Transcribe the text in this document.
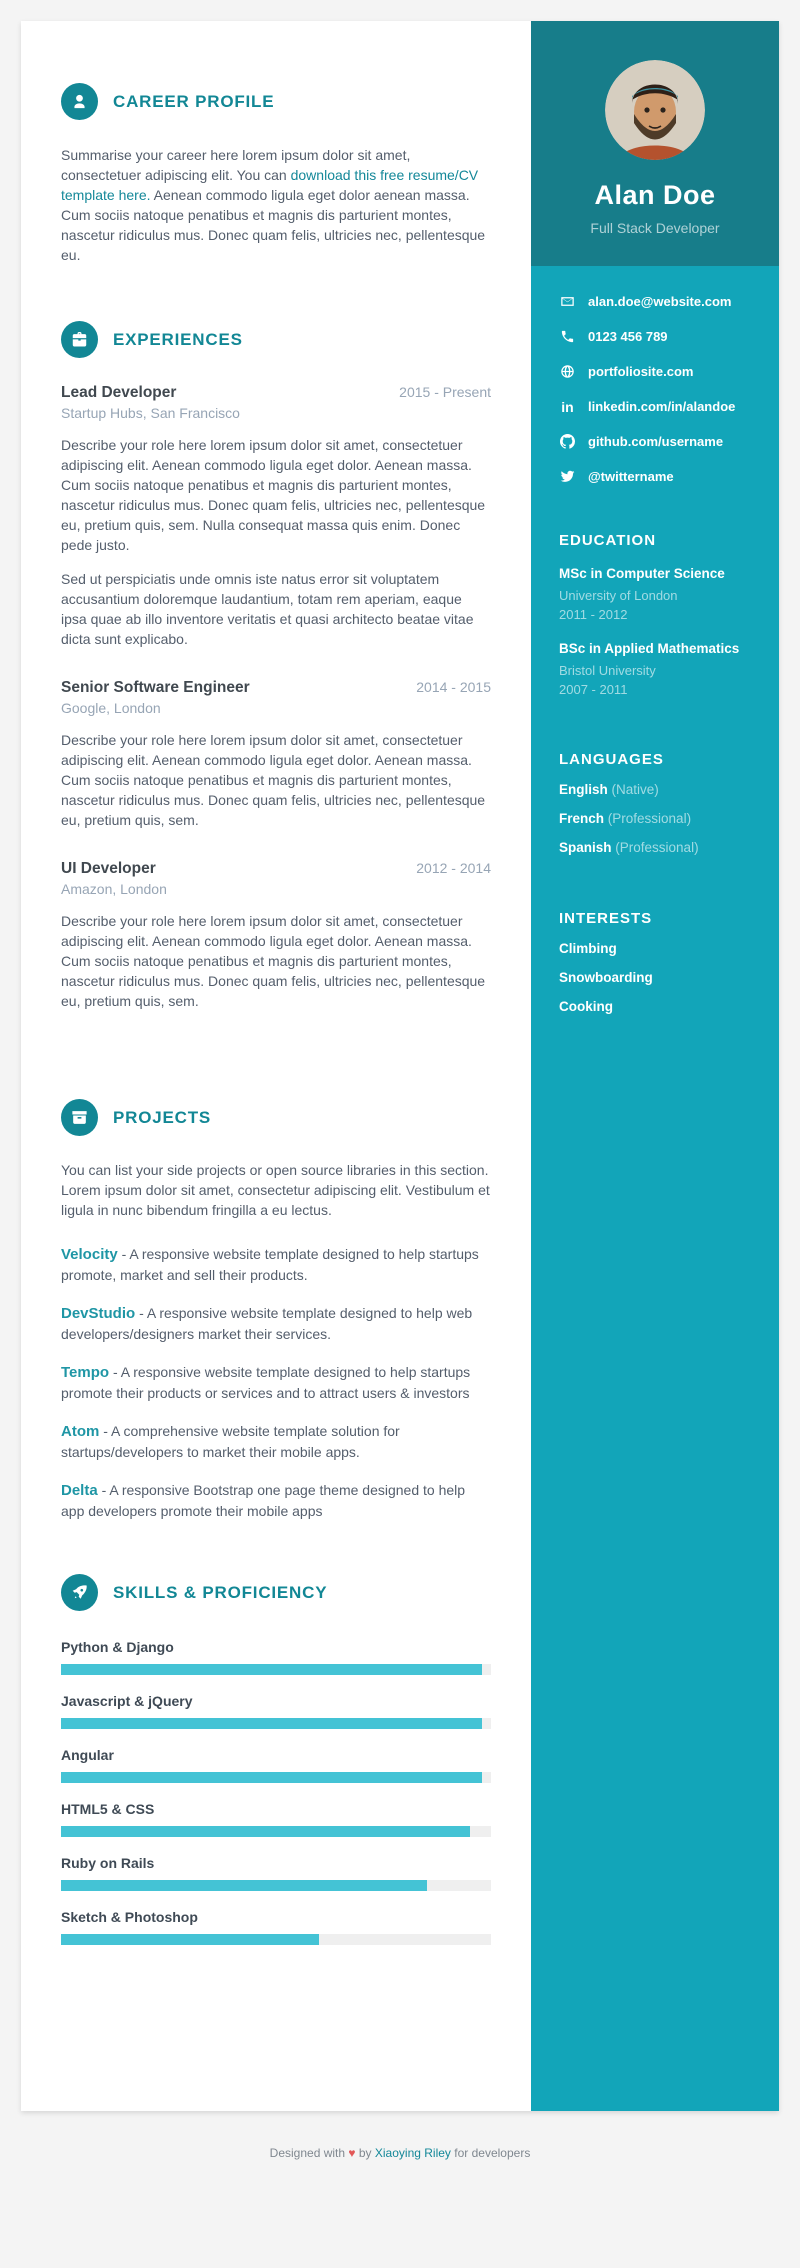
CAREER PROFILE

Summarise your career here lorem ipsum dolor sit amet, consectetuer adipiscing elit. You can download this free resume/CV template here. Aenean commodo ligula eget dolor aenean massa. Cum sociis natoque penatibus et magnis dis parturient montes, nascetur ridiculus mus. Donec quam felis, ultricies nec, pellentesque eu.

EXPERIENCES
Lead Developer	2015 - Present
Startup Hubs, San Francisco

Describe your role here lorem ipsum dolor sit amet, consectetuer adipiscing elit. Aenean commodo ligula eget dolor. Aenean massa. Cum sociis natoque penatibus et magnis dis parturient montes, nascetur ridiculus mus. Donec quam felis, ultricies nec, pellentesque eu, pretium quis, sem. Nulla consequat massa quis enim. Donec pede justo.

Sed ut perspiciatis unde omnis iste natus error sit voluptatem accusantium doloremque laudantium, totam rem aperiam, eaque ipsa quae ab illo inventore veritatis et quasi architecto beatae vitae dicta sunt explicabo.

Senior Software Engineer	2014 - 2015
Google, London

Describe your role here lorem ipsum dolor sit amet, consectetuer adipiscing elit. Aenean commodo ligula eget dolor. Aenean massa. Cum sociis natoque penatibus et magnis dis parturient montes, nascetur ridiculus mus. Donec quam felis, ultricies nec, pellentesque eu, pretium quis, sem.

UI Developer	2012 - 2014
Amazon, London

Describe your role here lorem ipsum dolor sit amet, consectetuer adipiscing elit. Aenean commodo ligula eget dolor. Aenean massa. Cum sociis natoque penatibus et magnis dis parturient montes, nascetur ridiculus mus. Donec quam felis, ultricies nec, pellentesque eu, pretium quis, sem.

PROJECTS

You can list your side projects or open source libraries in this section. Lorem ipsum dolor sit amet, consectetur adipiscing elit. Vestibulum et ligula in nunc bibendum fringilla a eu lectus.

Velocity - A responsive website template designed to help startups promote, market and sell their products.

DevStudio - A responsive website template designed to help web developers/designers market their services.

Tempo - A responsive website template designed to help startups promote their products or services and to attract users & investors

Atom - A comprehensive website template solution for startups/developers to market their mobile apps.

Delta - A responsive Bootstrap one page theme designed to help app developers promote their mobile apps

SKILLS & PROFICIENCY
Python & Django
Javascript & jQuery
Angular
HTML5 & CSS
Ruby on Rails
Sketch & Photoshop
Alan Doe
Full Stack Developer
alan.doe@website.com
0123 456 789
portfoliosite.com
in linkedin.com/in/alandoe
github.com/username
@twittername
EDUCATION
MSc in Computer Science
University of London
2011 - 2012
BSc in Applied Mathematics
Bristol University
2007 - 2011
LANGUAGES
English (Native)
French (Professional)
Spanish (Professional)
INTERESTS
Climbing
Snowboarding
Cooking
Designed with ♥ by Xiaoying Riley for developers
